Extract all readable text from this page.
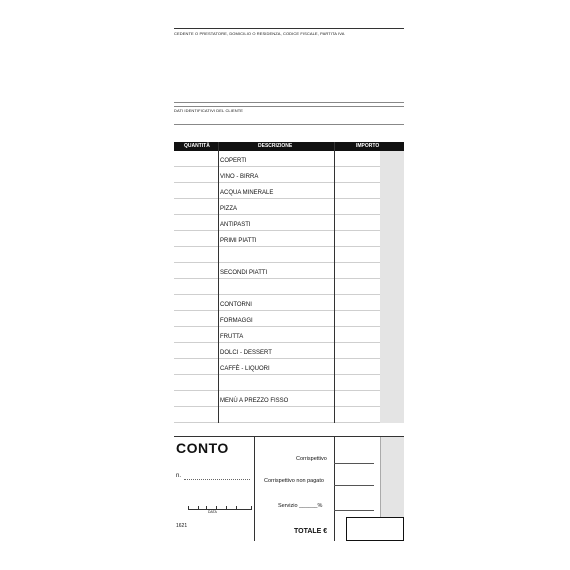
CEDENTE O PRESTATORE, DOMICILIO O RESIDENZA, CODICE FISCALE, PARTITA IVA
DATI IDENTIFICATIVI DEL CLIENTE
QUANTITÀ	DESCRIZIONE	IMPORTO
COPERTI
VINO - BIRRA
ACQUA MINERALE
PIZZA
ANTIPASTI
PRIMI PIATTI
SECONDI PIATTI
CONTORNI
FORMAGGI
FRUTTA
DOLCI - DESSERT
CAFFÈ - LIQUORI
MENÙ A PREZZO FISSO
CONTO
n.
DATA
1621
Corrispettivo
Corrispettivo non pagato
Servizio ______%
TOTALE €
